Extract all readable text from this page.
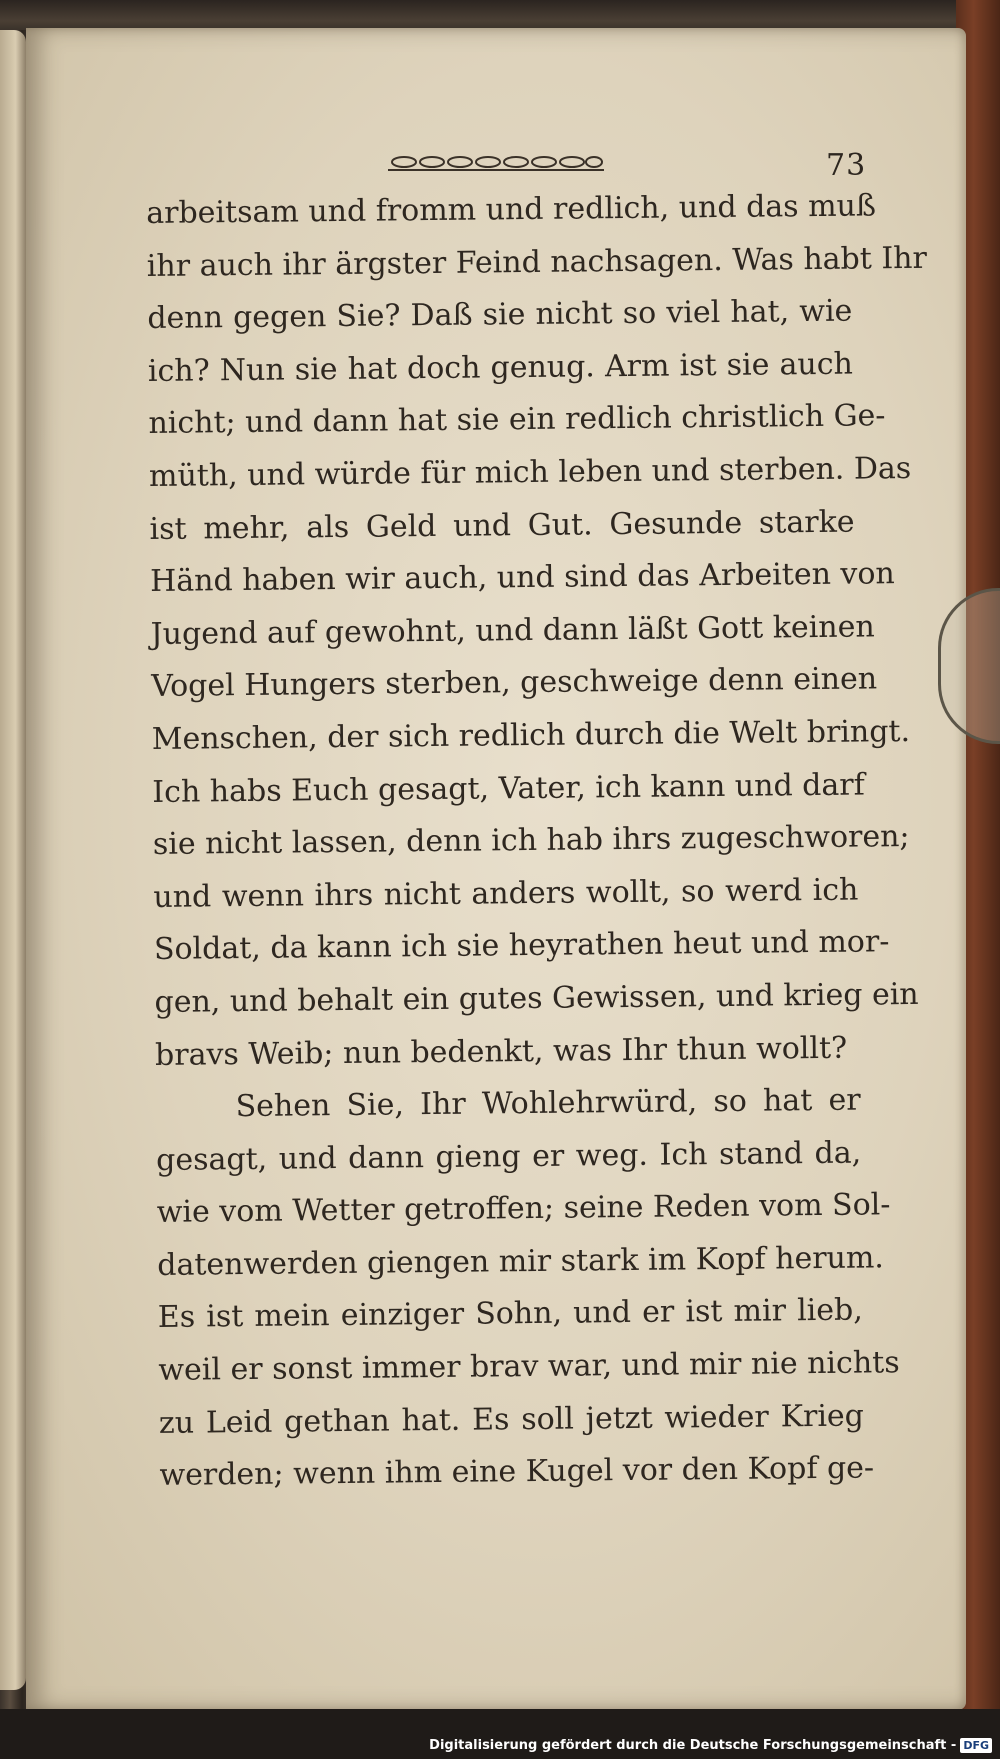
73
arbeitsam und fromm und redlich, und das muß
ihr auch ihr ärgster Feind nachsagen. Was habt Ihr
denn gegen Sie? Daß sie nicht so viel hat, wie
ich? Nun sie hat doch genug. Arm ist sie auch
nicht; und dann hat sie ein redlich christlich Ge-
müth, und würde für mich leben und sterben. Das
ist mehr, als Geld und Gut. Gesunde starke
Händ haben wir auch, und sind das Arbeiten von
Jugend auf gewohnt, und dann läßt Gott keinen
Vogel Hungers sterben, geschweige denn einen
Menschen, der sich redlich durch die Welt bringt.
Ich habs Euch gesagt, Vater, ich kann und darf
sie nicht lassen, denn ich hab ihrs zugeschworen;
und wenn ihrs nicht anders wollt, so werd ich
Soldat, da kann ich sie heyrathen heut und mor-
gen, und behalt ein gutes Gewissen, und krieg ein
bravs Weib; nun bedenkt, was Ihr thun wollt?
Sehen Sie, Ihr Wohlehrwürd, so hat er
gesagt, und dann gieng er weg. Ich stand da,
wie vom Wetter getroffen; seine Reden vom Sol-
datenwerden giengen mir stark im Kopf herum.
Es ist mein einziger Sohn, und er ist mir lieb,
weil er sonst immer brav war, und mir nie nichts
zu Leid gethan hat. Es soll jetzt wieder Krieg
werden; wenn ihm eine Kugel vor den Kopf ge-
Digitalisierung gefördert durch die Deutsche Forschungsgemeinschaft - DFG
